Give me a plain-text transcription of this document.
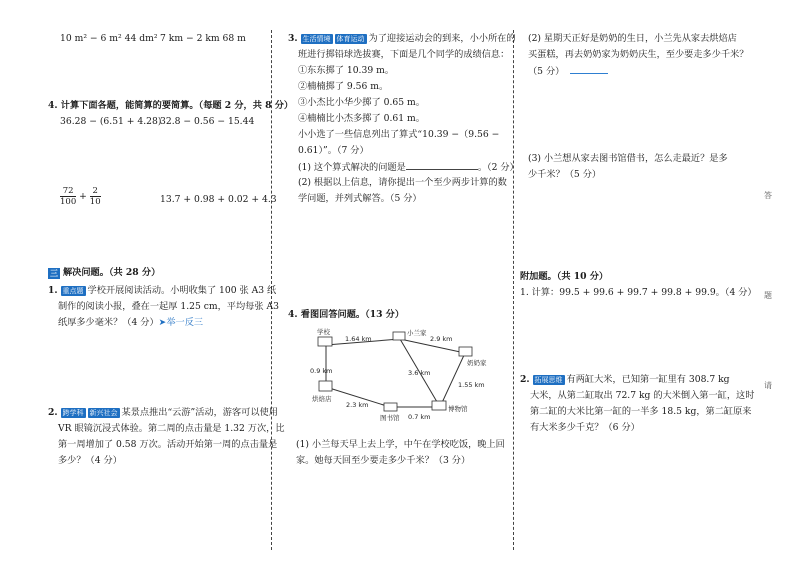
10 m² − 6 m² 44 dm² 7 km − 2 km 68 m
4. 计算下面各题，能简算的要简算。（每题 2 分，共 8 分）
36.28 − (6.51 + 4.28)
32.8 − 0.56 − 15.44
$\frac{72}{100} + \frac{2}{10}$	13.7 + 0.98 + 0.02 + 4.3
三 解决问题。（共 28 分）
1. 重点题 学校开展阅读活动。小明收集了 100 张 A3 纸
制作的阅读小报，叠在一起厚 1.25 cm，平均每张 A3
纸厚多少毫米？（4 分）➤举一反三
2. 跨学科 新兴社会 某景点推出“云游”活动，游客可以使用
VR 眼镜沉浸式体验。第二周的点击量是 1.32 万次，比
第一周增加了 0.58 万次。活动开始第一周的点击量是
多少？（4 分）
3. 生活情境 体育运动 为了迎接运动会的到来，小小所在的
班进行掷铅球选拔赛，下面是几个同学的成绩信息：
①东东掷了 10.39 m。
②楠楠掷了 9.56 m。
③小杰比小华少掷了 0.65 m。
④楠楠比小杰多掷了 0.61 m。
小小选了一些信息列出了算式“10.39 −（9.56 −
0.61）”。（7 分）
(1) 这个算式解决的问题是	。（2 分）
(2) 根据以上信息，请你提出一个至少两步计算的数
学问题，并列式解答。（5 分）
4. 看图回答问题。（13 分）
学校	小兰家
奶奶家
烘焙店
图书馆
博物馆
1.64 km
0.9 km
2.9 km
3.6 km
1.55 km
2.3 km
0.7 km
(1) 小兰每天早上去上学，中午在学校吃饭，晚上回
家。她每天回至少要走多少千米？（3 分）
(2) 星期天正好是奶奶的生日，小兰先从家去烘焙店
买蛋糕，再去奶奶家为奶奶庆生，至少要走多少千米？
（5 分）
(3) 小兰想从家去图书馆借书，怎么走最近？是多
少千米？（5 分）
附加题。（共 10 分）
1. 计算：99.5 + 99.6 + 99.7 + 99.8 + 99.9。（4 分）
2. 拓展思维 有两缸大米，已知第一缸里有 308.7 kg
大米，从第二缸取出 72.7 kg 的大米倒入第一缸，这时
第二缸的大米比第一缸的一半多 18.5 kg，第二缸原来
有大米多少千克？（6 分）
答
题
请
